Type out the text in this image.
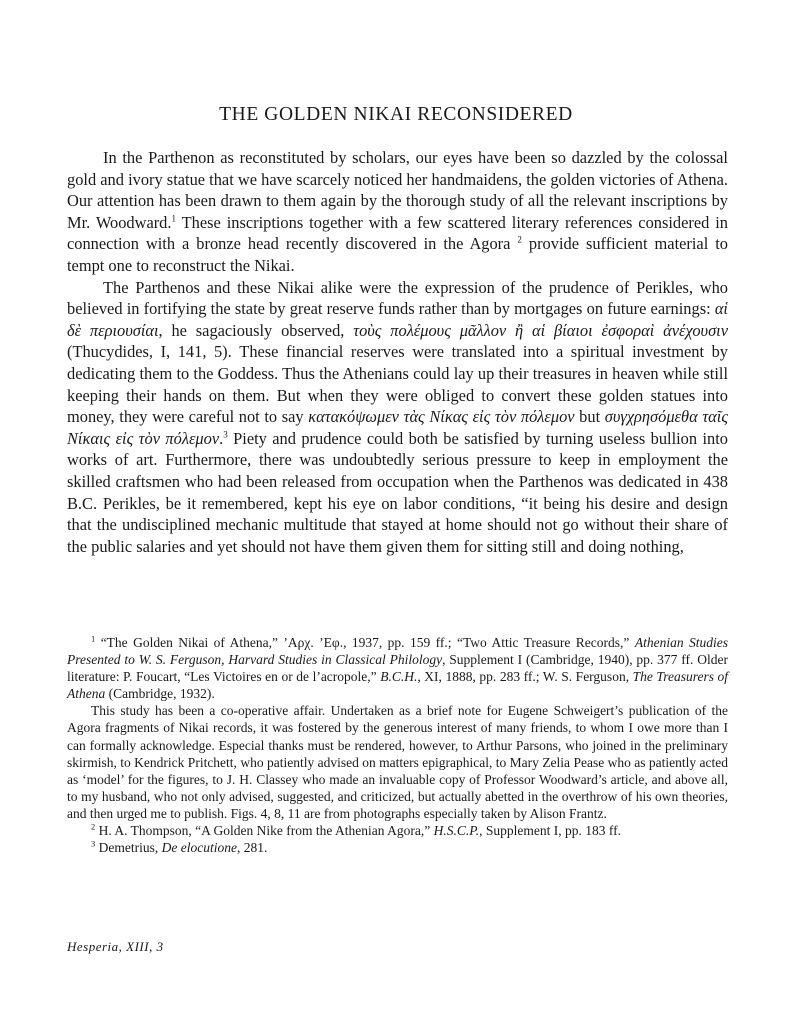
THE GOLDEN NIKAI RECONSIDERED

In the Parthenon as reconstituted by scholars, our eyes have been so dazzled by the colossal gold and ivory statue that we have scarcely noticed her handmaidens, the golden victories of Athena. Our attention has been drawn to them again by the thorough study of all the relevant inscriptions by Mr. Woodward.$^1$ These inscriptions together with a few scattered literary references considered in connection with a bronze head recently discovered in the Agora $^2$ provide sufficient material to tempt one to reconstruct the Nikai.

The Parthenos and these Nikai alike were the expression of the prudence of Perikles, who believed in fortifying the state by great reserve funds rather than by mortgages on future earnings: αἱ δὲ περιουσίαι, he sagaciously observed, τοὺς πολέμους μᾶλλον ἢ αἱ βίαιοι ἐσφοραὶ ἀνέχουσιν (Thucydides, I, 141, 5). These financial reserves were translated into a spiritual investment by dedicating them to the Goddess. Thus the Athenians could lay up their treasures in heaven while still keeping their hands on them. But when they were obliged to convert these golden statues into money, they were careful not to say κατακόψωμεν τὰς Νίκας εἰς τὸν πόλεμον but συγχρησόμεθα ταῖς Νίκαις εἰς τὸν πόλεμον.$^3$ Piety and prudence could both be satisfied by turning useless bullion into works of art. Furthermore, there was undoubtedly serious pressure to keep in employment the skilled craftsmen who had been released from occupation when the Parthenos was dedicated in 438 B.C. Perikles, be it remembered, kept his eye on labor conditions, “it being his desire and design that the undisciplined mechanic multitude that stayed at home should not go without their share of the public salaries and yet should not have them given them for sitting still and doing nothing,

$^1$ “The Golden Nikai of Athena,” ’Αρχ. ’Εφ., 1937, pp. 159 ff.; “Two Attic Treasure Records,” Athenian Studies Presented to W. S. Ferguson, Harvard Studies in Classical Philology, Supplement I (Cambridge, 1940), pp. 377 ff. Older literature: P. Foucart, “Les Victoires en or de l’acropole,” B.C.H., XI, 1888, pp. 283 ff.; W. S. Ferguson, The Treasurers of Athena (Cambridge, 1932).

This study has been a co-operative affair. Undertaken as a brief note for Eugene Schweigert’s publication of the Agora fragments of Nikai records, it was fostered by the generous interest of many friends, to whom I owe more than I can formally acknowledge. Especial thanks must be rendered, however, to Arthur Parsons, who joined in the preliminary skirmish, to Kendrick Pritchett, who patiently advised on matters epigraphical, to Mary Zelia Pease who as patiently acted as ‘model’ for the figures, to J. H. Classey who made an invaluable copy of Professor Woodward’s article, and above all, to my husband, who not only advised, suggested, and criticized, but actually abetted in the overthrow of his own theories, and then urged me to publish. Figs. 4, 8, 11 are from photographs especially taken by Alison Frantz.

$^2$ H. A. Thompson, “A Golden Nike from the Athenian Agora,” H.S.C.P., Supplement I, pp. 183 ff.

$^3$ Demetrius, De elocutione, 281.

Hesperia, XIII, 3
